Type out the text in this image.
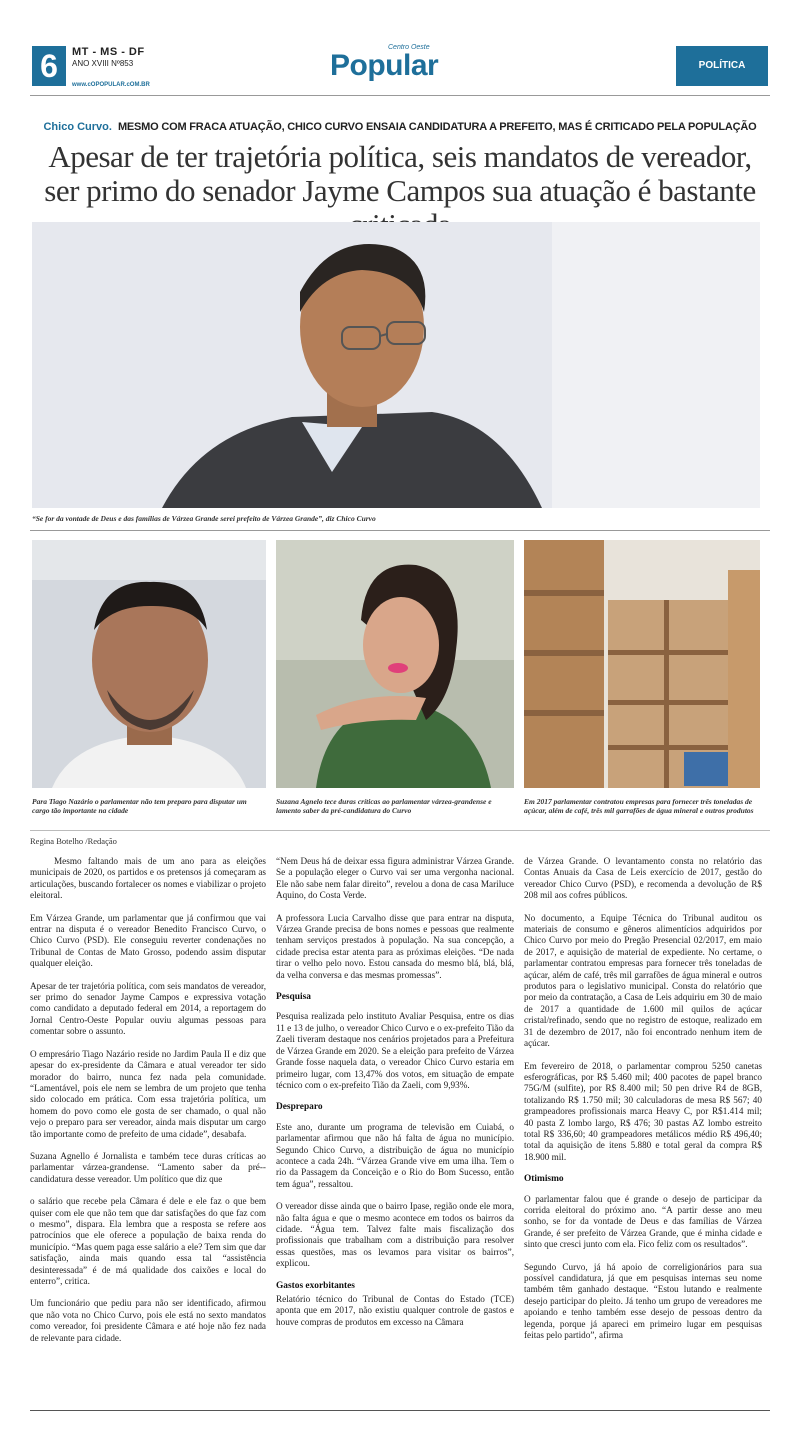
6	MT - MS - DF
ANO XVIII Nº853
www.cOPOPULAR.cOM.BR
Centro Oeste
Popular	POLÍTICA
Chico Curvo. MESMO COM FRACA ATUAÇÃO, CHICO CURVO ENSAIA CANDIDATURA A PREFEITO, MAS É CRITICADO PELA POPULAÇÃO
Apesar de ter trajetória política, seis mandatos de vereador, ser primo do senador Jayme Campos sua atuação é bastante
“Se for da vontade de Deus e das famílias de Várzea Grande serei prefeito de Várzea Grande”, diz Chico Curvo
Para Tiago Nazário o parlamentar não tem preparo para disputar um cargo tão importante na cidade
Suzana Agnelo tece duras críticas ao parlamentar várzea-grandense e lamento saber da pré-candidatura do Curvo
Em 2017 parlamentar contratou empresas para fornecer três toneladas de açúcar, além de café, três mil garrafões de água mineral e outros produtos
Regina Botelho /Redação

Mesmo faltando mais de um ano para as eleições municipais de 2020, os partidos e os pretensos já começaram as articulações, buscando fortalecer os nomes e viabilizar o projeto eleitoral.

Em Várzea Grande, um parlamentar que já confirmou que vai entrar na disputa é o vereador Benedito Francisco Curvo, o Chico Curvo (PSD). Ele conseguiu reverter condenações no Tribunal de Contas de Mato Grosso, podendo assim disputar qualquer eleição.

Apesar de ter trajetória política, com seis mandatos de vereador, ser primo do senador Jayme Campos e expressiva votação como candidato a deputado federal em 2014, a reportagem do Jornal Centro-Oeste Popular ouviu algumas pessoas para comentar sobre o assunto.

O empresário Tiago Nazário reside no Jardim Paula II e diz que apesar do ex-presidente da Câmara e atual vereador ter sido morador do bairro, nunca fez nada pela comunidade. “Lamentável, pois ele nem se lembra de um projeto que tenha sido colocado em prática. Com essa trajetória política, um homem do povo como ele gosta de ser chamado, o qual não vejo o preparo para ser vereador, ainda mais disputar um cargo tão importante como de prefeito de uma cidade”, desabafa.

Suzana Agnello é Jornalista e também tece duras críticas ao parlamentar várzea-grandense. “Lamento saber da pré--candidatura desse vereador. Um político que diz que

o salário que recebe pela Câmara é dele e ele faz o que bem quiser com ele que não tem que dar satisfações do que faz com o mesmo”, dispara. Ela lembra que a resposta se refere aos patrocínios que ele oferece a população de baixa renda do município. “Mas quem paga esse salário a ele? Tem sim que dar satisfação, ainda mais quando essa tal “assistência desinteressada” é de má qualidade dos caixões e local do enterro”, critica.

Um funcionário que pediu para não ser identificado, afirmou que não vota no Chico Curvo, pois ele está no sexto mandatos como vereador, foi presidente Câmara e até hoje não fez nada de relevante para cidade.

“Nem Deus há de deixar essa figura administrar Várzea Grande. Se a população eleger o Curvo vai ser uma vergonha nacional. Ele não sabe nem falar direito”, revelou a dona de casa Mariluce Aquino, do Costa Verde.

A professora Lucia Carvalho disse que para entrar na disputa, Várzea Grande precisa de bons nomes e pessoas que realmente tenham serviços prestados à população. Na sua concepção, a cidade precisa estar atenta para as próximas eleições. “De nada tirar o velho pelo novo. Estou cansada do mesmo blá, blá, blá, da velha conversa e das mesmas promessas”.

Pesquisa

Pesquisa realizada pelo instituto Avaliar Pesquisa, entre os dias 11 e 13 de julho, o vereador Chico Curvo e o ex-prefeito Tião da Zaeli tiveram destaque nos cenários projetados para a Prefeitura de Várzea Grande em 2020. Se a eleição para prefeito de Várzea Grande fosse naquela data, o vereador Chico Curvo estaria em primeiro lugar, com 13,47% dos votos, em situação de empate técnico com o ex-prefeito Tião da Zaeli, com 9,93%.

Despreparo

Este ano, durante um programa de televisão em Cuiabá, o parlamentar afirmou que não há falta de água no município. Segundo Chico Curvo, a distribuição de água no município acontece a cada 24h. “Várzea Grande vive em uma ilha. Tem o rio da Passagem da Conceição e o Rio do Bom Sucesso, então tem água”, ressaltou.

O vereador disse ainda que o bairro Ipase, região onde ele mora, não falta água e que o mesmo acontece em todos os bairros da cidade. “Água tem. Talvez falte mais fiscalização dos profissionais que trabalham com a distribuição para resolver essas questões, mas os levamos para visitar os bairros”, explicou.

Gastos exorbitantes

Relatório técnico do Tribunal de Contas do Estado (TCE) aponta que em 2017, não existiu qualquer controle de gastos e houve compras de produtos em excesso na Câmara

de Várzea Grande. O levantamento consta no relatório das Contas Anuais da Casa de Leis exercício de 2017, gestão do vereador Chico Curvo (PSD), e recomenda a devolução de R$ 208 mil aos cofres públicos.

No documento, a Equipe Técnica do Tribunal auditou os materiais de consumo e gêneros alimentícios adquiridos por Chico Curvo por meio do Pregão Presencial 02/2017, em maio de 2017, e aquisição de material de expediente. No certame, o parlamentar contratou empresas para fornecer três toneladas de açúcar, além de café, três mil garrafões de água mineral e outros produtos para o legislativo municipal. Consta do relatório que por meio da contratação, a Casa de Leis adquiriu em 30 de maio de 2017 a quantidade de 1.600 mil quilos de açúcar cristal/refinado, sendo que no registro de estoque, realizado em 31 de dezembro de 2017, não foi encontrado nenhum item de açúcar.

Em fevereiro de 2018, o parlamentar comprou 5250 canetas esferográficas, por R$ 5.460 mil; 400 pacotes de papel branco 75G/M (sulfite), por R$ 8.400 mil; 50 pen drive R4 de 8GB, totalizando R$ 1.750 mil; 30 calculadoras de mesa R$ 567; 40 grampeadores profissionais marca Heavy C, por R$1.414 mil; 40 pasta Z lombo largo, R$ 476; 30 pastas AZ lombo estreito total R$ 336,60; 40 grampeadores metálicos médio R$ 496,40; total da aquisição de itens 5.880 e total geral da compra R$ 18.900 mil.

Otimismo

O parlamentar falou que é grande o desejo de participar da corrida eleitoral do próximo ano. “A partir desse ano meu sonho, se for da vontade de Deus e das famílias de Várzea Grande, é ser prefeito de Várzea Grande, que é minha cidade e sinto que cresci junto com ela. Fico feliz com os resultados”.

Segundo Curvo, já há apoio de correligionários para sua possível candidatura, já que em pesquisas internas seu nome também têm ganhado destaque. “Estou lutando e realmente desejo participar do pleito. Já tenho um grupo de vereadores me apoiando e tenho também esse desejo de pessoas dentro da legenda, porque já apareci em primeiro lugar em pesquisas feitas pelo partido”, afirma
